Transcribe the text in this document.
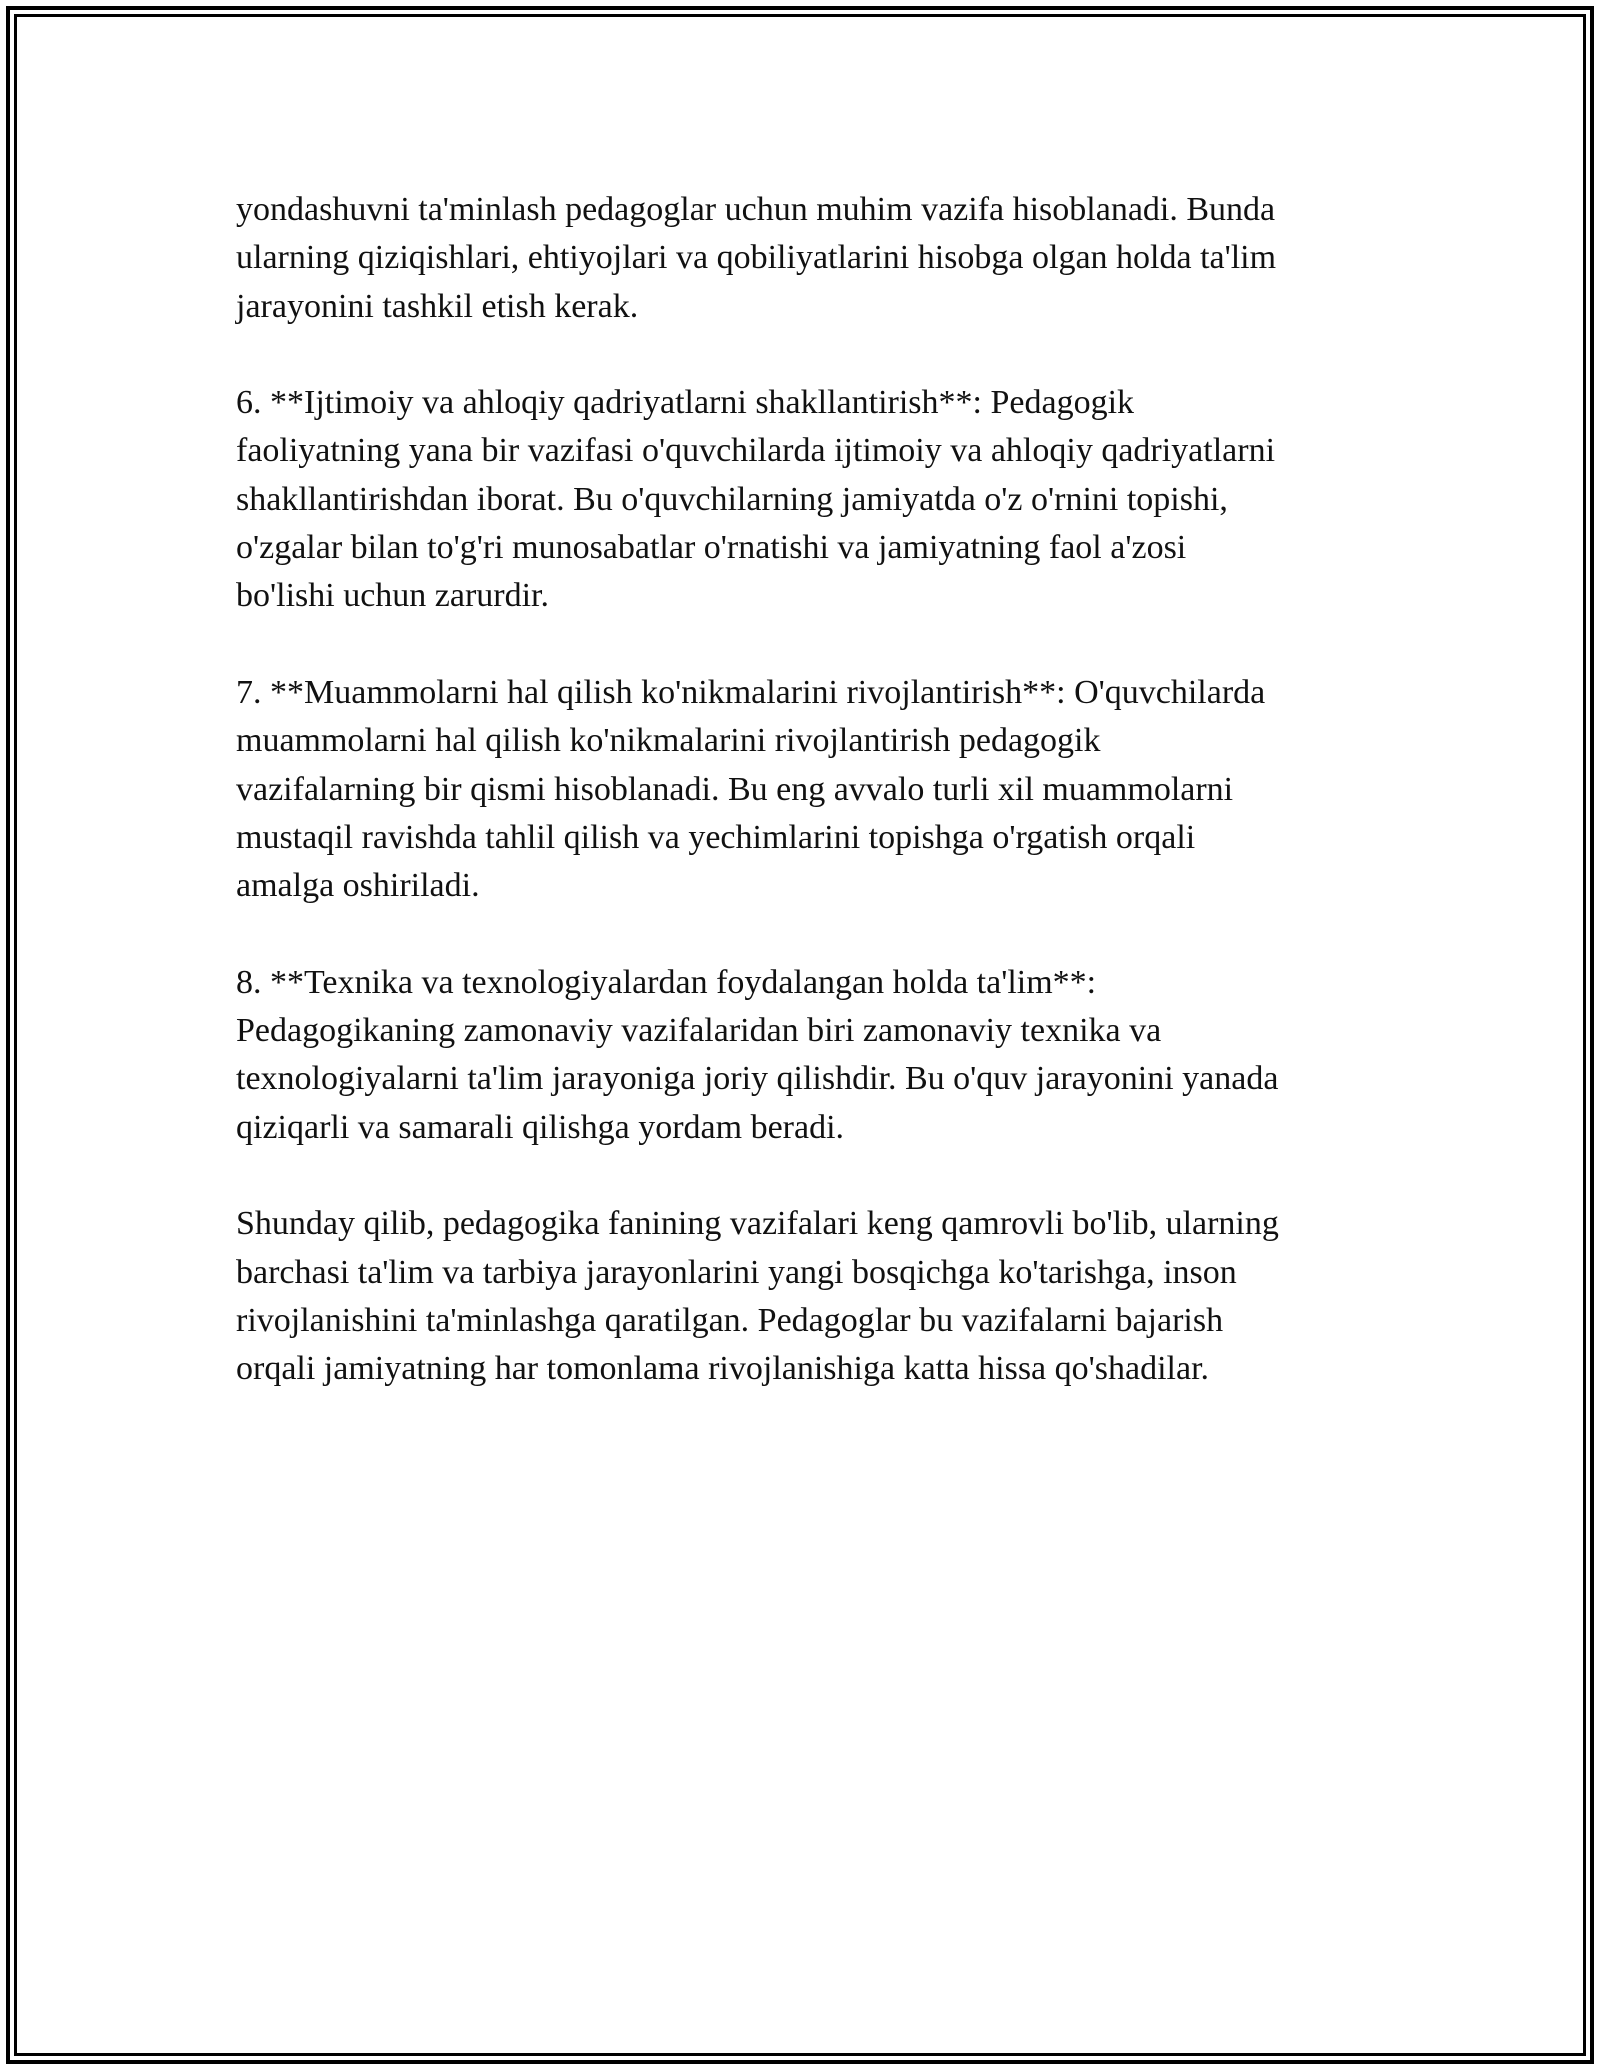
yondashuvni ta'minlash pedagoglar uchun muhim vazifa hisoblanadi. Bunda
ularning qiziqishlari, ehtiyojlari va qobiliyatlarini hisobga olgan holda ta'lim
jarayonini tashkil etish kerak.

6. **Ijtimoiy va ahloqiy qadriyatlarni shakllantirish**: Pedagogik
faoliyatning yana bir vazifasi o'quvchilarda ijtimoiy va ahloqiy qadriyatlarni
shakllantirishdan iborat. Bu o'quvchilarning jamiyatda o'z o'rnini topishi,
o'zgalar bilan to'g'ri munosabatlar o'rnatishi va jamiyatning faol a'zosi
bo'lishi uchun zarurdir.

7. **Muammolarni hal qilish ko'nikmalarini rivojlantirish**: O'quvchilarda
muammolarni hal qilish ko'nikmalarini rivojlantirish pedagogik
vazifalarning bir qismi hisoblanadi. Bu eng avvalo turli xil muammolarni
mustaqil ravishda tahlil qilish va yechimlarini topishga o'rgatish orqali
amalga oshiriladi.

8. **Texnika va texnologiyalardan foydalangan holda ta'lim**:
Pedagogikaning zamonaviy vazifalaridan biri zamonaviy texnika va
texnologiyalarni ta'lim jarayoniga joriy qilishdir. Bu o'quv jarayonini yanada
qiziqarli va samarali qilishga yordam beradi.

Shunday qilib, pedagogika fanining vazifalari keng qamrovli bo'lib, ularning
barchasi ta'lim va tarbiya jarayonlarini yangi bosqichga ko'tarishga, inson
rivojlanishini ta'minlashga qaratilgan. Pedagoglar bu vazifalarni bajarish
orqali jamiyatning har tomonlama rivojlanishiga katta hissa qo'shadilar.
